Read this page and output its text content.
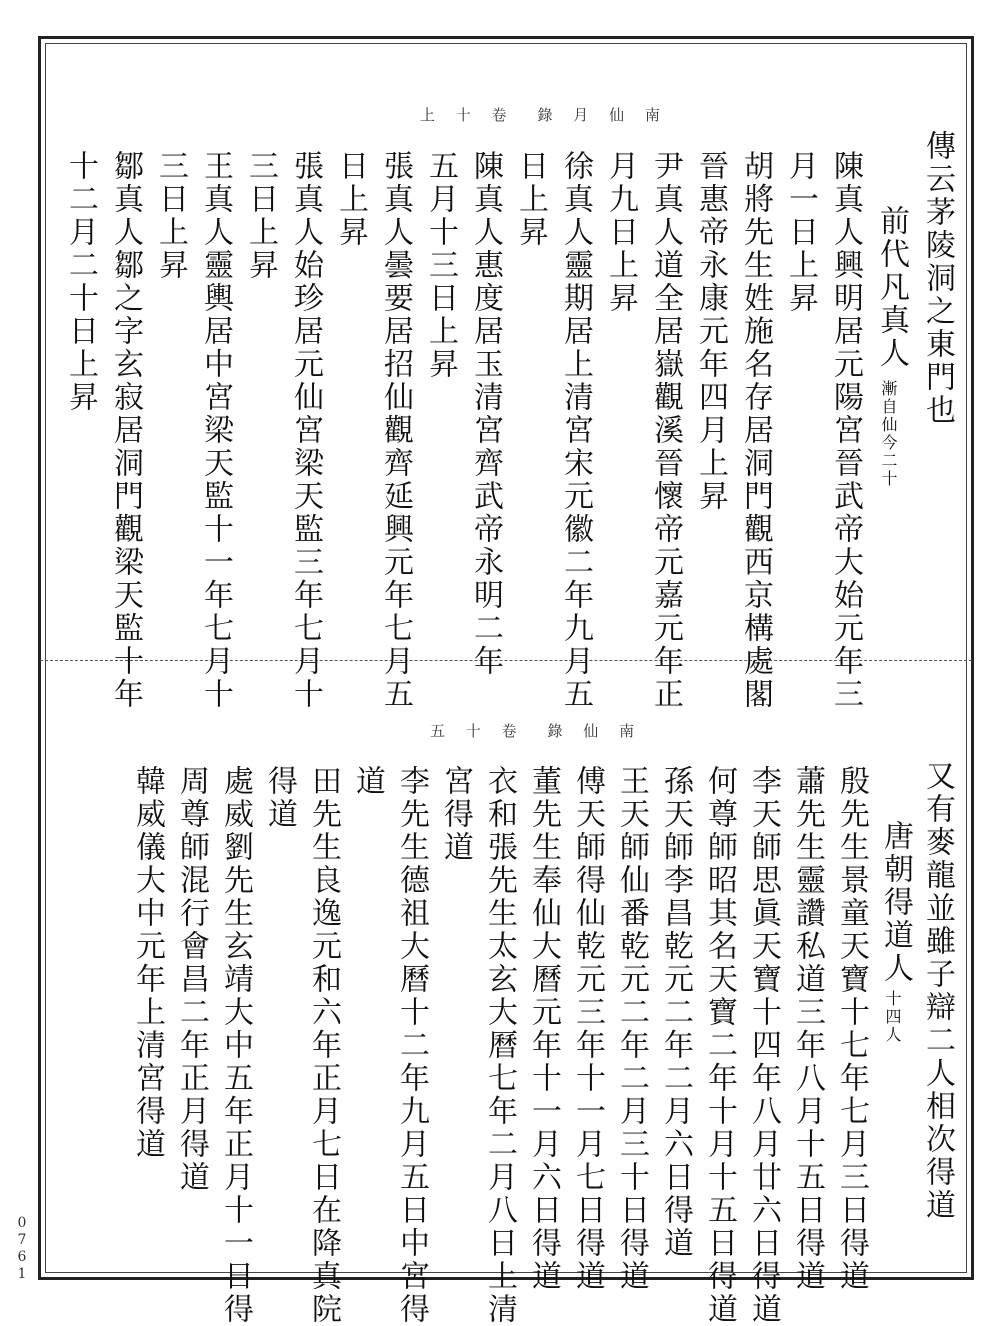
上 十 卷　錄 月 仙 南
傳云茅陵洞之東門也
前代凡真人
漸自仙今二十
陳真人興明居元陽宮晉武帝大始元年三
月一日上昇
胡將先生姓施名存居洞門觀西京構處閣
晉惠帝永康元年四月上昇
尹真人道全居嶽觀溪晉懷帝元嘉元年正
月九日上昇
徐真人靈期居上清宮宋元徽二年九月五
日上昇
陳真人惠度居玉清宮齊武帝永明二年
五月十三日上昇
張真人曇要居招仙觀齊延興元年七月五
日上昇
張真人始珍居元仙宮梁天監三年七月十
三日上昇
王真人靈輿居中宮梁天監十一年七月十
三日上昇
鄒真人鄒之字玄寂居洞門觀梁天監十年
十二月二十日上昇
五 十 卷　錄 仙 南
又有麥龍並雖子辯二人相次得道
唐朝得道人
十四人
殷先生景童天寶十七年七月三日得道
蕭先生靈讚私道三年八月十五日得道
李天師思眞天寶十四年八月廿六日得道
何尊師昭其名天寶二年十月十五日得道
孫天師李昌乾元二年二月六日得道
王天師仙番乾元二年二月三十日得道
傅天師得仙乾元三年十一月七日得道
董先生奉仙大曆元年十一月六日得道
衣和張先生太玄大曆七年二月八日上清
宮得道
李先生德祖大曆十二年九月五日中宮得
道
田先生良逸元和六年正月七日在降真院
得道
處威劉先生玄靖大中五年正月十一日得
周尊師混行會昌二年正月得道
韓威儀大中元年上清宮得道
0761
